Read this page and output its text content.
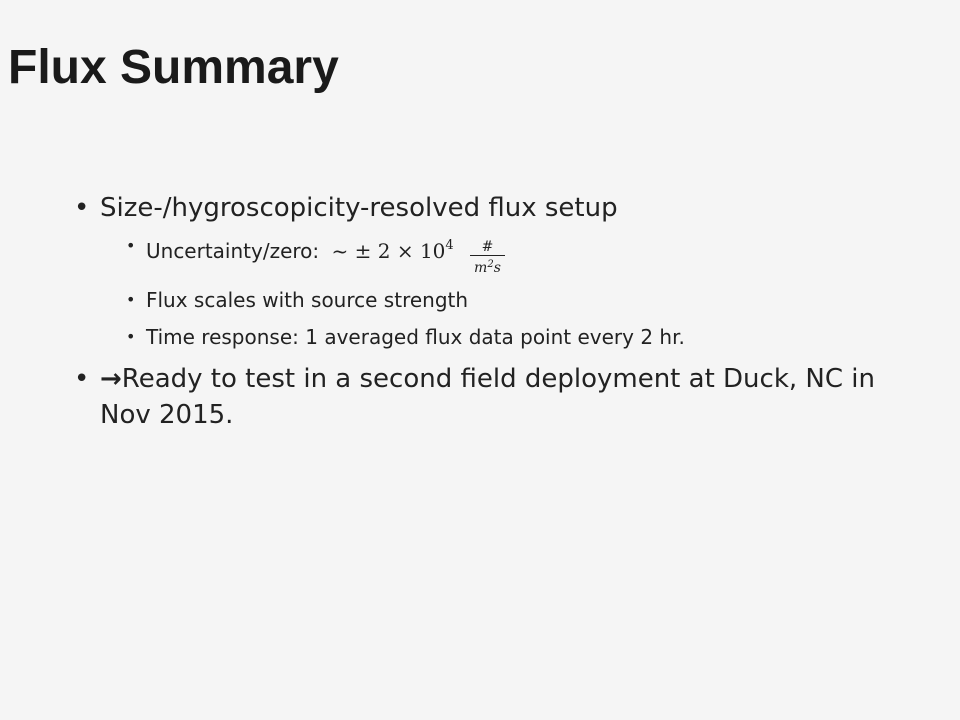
Flux Summary
• Size-/hygroscopicity-resolved flux setup
• Uncertainty/zero: ~ ± $2 \times 10^4 \frac{\#}{m^2s}$
• Flux scales with source strength
• Time response: 1 averaged flux data point every 2 hr.
• →Ready to test in a second field deployment at Duck, NC in Nov 2015.
